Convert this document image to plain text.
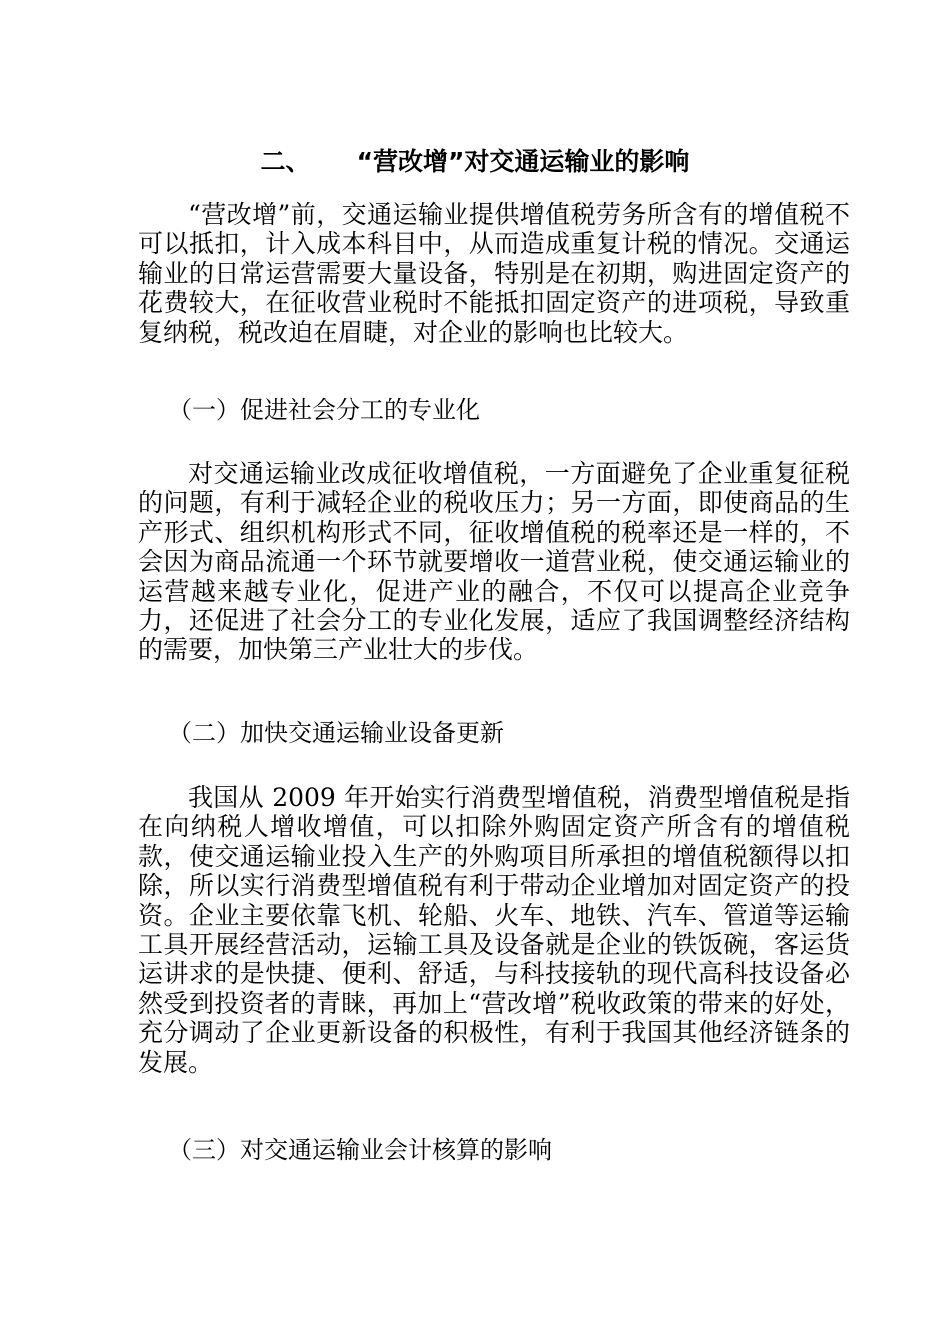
二、 “营改增”对交通运输业的影响

“营改增”前，交通运输业提供增值税劳务所含有的增值税不可以抵扣，计入成本科目中，从而造成重复计税的情况。交通运输业的日常运营需要大量设备，特别是在初期，购进固定资产的花费较大，在征收营业税时不能抵扣固定资产的进项税，导致重复纳税，税改迫在眉睫，对企业的影响也比较大。

（一）促进社会分工的专业化

对交通运输业改成征收增值税，一方面避免了企业重复征税的问题，有利于减轻企业的税收压力；另一方面，即使商品的生产形式、组织机构形式不同，征收增值税的税率还是一样的，不会因为商品流通一个环节就要增收一道营业税，使交通运输业的运营越来越专业化，促进产业的融合，不仅可以提高企业竞争力，还促进了社会分工的专业化发展，适应了我国调整经济结构的需要，加快第三产业壮大的步伐。

（二）加快交通运输业设备更新

我国从 2009 年开始实行消费型增值税，消费型增值税是指在向纳税人增收增值，可以扣除外购固定资产所含有的增值税款，使交通运输业投入生产的外购项目所承担的增值税额得以扣除，所以实行消费型增值税有利于带动企业增加对固定资产的投资。企业主要依靠飞机、轮船、火车、地铁、汽车、管道等运输工具开展经营活动，运输工具及设备就是企业的铁饭碗，客运货运讲求的是快捷、便利、舒适，与科技接轨的现代高科技设备必然受到投资者的青睐，再加上“营改增”税收政策的带来的好处，充分调动了企业更新设备的积极性，有利于我国其他经济链条的发展。

（三）对交通运输业会计核算的影响
